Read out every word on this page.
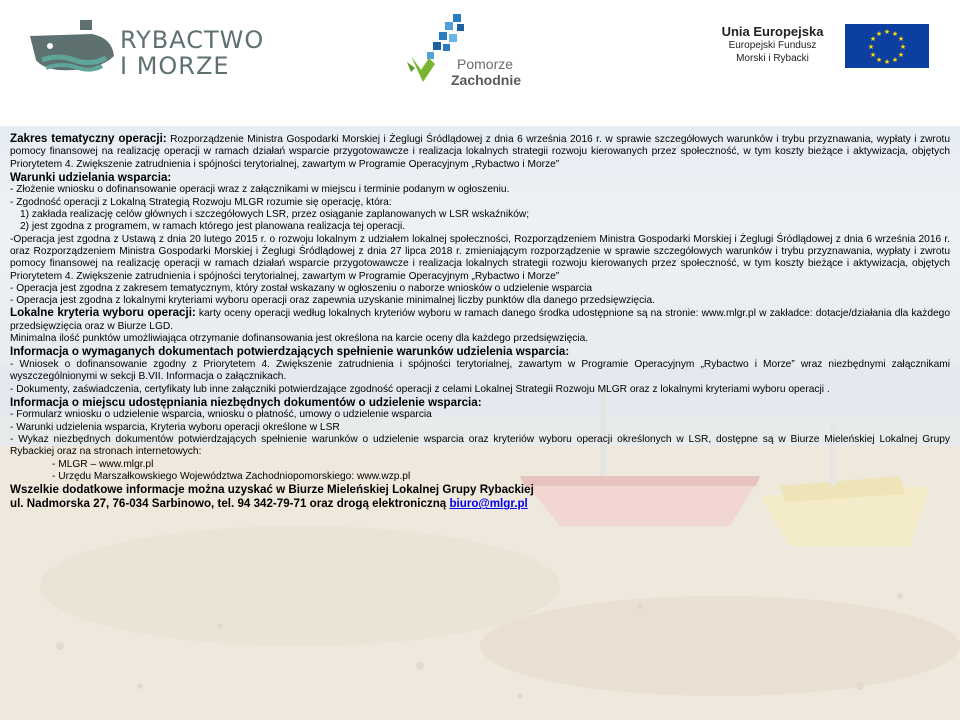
RYBACTWO
I MORZE	Pomorze
Zachodnie
Unia Europejska
Europejski Fundusz
Morski i Rybacki
★ ★
★
★
★
★
★
★
★
★
★
★

Zakres tematyczny operacji: Rozporządzenie Ministra Gospodarki Morskiej i Żeglugi Śródlądowej z dnia 6 września 2016 r. w sprawie szczegółowych warunków i trybu przyznawania, wypłaty i zwrotu pomocy finansowej na realizację operacji w ramach działań wsparcie przygotowawcze i realizacja lokalnych strategii rozwoju kierowanych przez społeczność, w tym koszty bieżące i aktywizacja, objętych Priorytetem 4. Zwiększenie zatrudnienia i spójności terytorialnej, zawartym w Programie Operacyjnym „Rybactwo i Morze”

Warunki udzielania wsparcia:

- Złożenie wniosku o dofinansowanie operacji wraz z załącznikami w miejscu i terminie podanym w ogłoszeniu.

- Zgodność operacji z Lokalną Strategią Rozwoju MLGR rozumie się operację, która:

1) zakłada realizację celów głównych i szczegółowych LSR, przez osiąganie zaplanowanych w LSR wskaźników;

2) jest zgodna z programem, w ramach którego jest planowana realizacja tej operacji.

-Operacja jest zgodna z Ustawą z dnia 20 lutego 2015 r. o rozwoju lokalnym z udziałem lokalnej społeczności, Rozporządzeniem Ministra Gospodarki Morskiej i Żeglugi Śródlądowej z dnia 6 września 2016 r. oraz Rozporządzeniem Ministra Gospodarki Morskiej i Żeglugi Śródlądowej z dnia 27 lipca 2018 r. zmieniającym rozporządzenie w sprawie szczegółowych warunków i trybu przyznawania, wypłaty i zwrotu pomocy finansowej na realizację operacji w ramach działań wsparcie przygotowawcze i realizacja lokalnych strategii rozwoju kierowanych przez społeczność, w tym koszty bieżące i aktywizacja, objętych Priorytetem 4. Zwiększenie zatrudnienia i spójności terytorialnej, zawartym w Programie Operacyjnym „Rybactwo i Morze”

- Operacja jest zgodna z zakresem tematycznym, który został wskazany w ogłoszeniu o naborze wniosków o udzielenie wsparcia

- Operacja jest zgodna z lokalnymi kryteriami wyboru operacji oraz zapewnia uzyskanie minimalnej liczby punktów dla danego przedsięwzięcia.

Lokalne kryteria wyboru operacji: karty oceny operacji według lokalnych kryteriów wyboru w ramach danego środka udostępnione są na stronie: www.mlgr.pl w zakładce: dotacje/działania dla każdego przedsięwzięcia oraz w Biurze LGD.

Minimalna ilość punktów umożliwiająca otrzymanie dofinansowania jest określona na karcie oceny dla każdego przedsięwzięcia.

Informacja o wymaganych dokumentach potwierdzających spełnienie warunków udzielenia wsparcia:

- Wniosek o dofinansowanie zgodny z Priorytetem 4. Zwiększenie zatrudnienia i spójności terytorialnej, zawartym w Programie Operacyjnym „Rybactwo i Morze” wraz niezbędnymi załącznikami wyszczególnionymi w sekcji B.VII. Informacja o załącznikach.

- Dokumenty, zaświadczenia, certyfikaty lub inne załączniki potwierdzające zgodność operacji z celami Lokalnej Strategii Rozwoju MLGR oraz z lokalnymi kryteriami wyboru operacji .

Informacja o miejscu udostępniania niezbędnych dokumentów o udzielenie wsparcia:

- Formularz wniosku o udzielenie wsparcia, wniosku o płatność, umowy o udzielenie wsparcia

- Warunki udzielenia wsparcia, Kryteria wyboru operacji określone w LSR

- Wykaz niezbędnych dokumentów potwierdzających spełnienie warunków o udzielenie wsparcia oraz kryteriów wyboru operacji określonych w LSR, dostępne są w Biurze Mieleńskiej Lokalnej Grupy Rybackiej oraz na stronach internetowych:

- MLGR – www.mlgr.pl

- Urzędu Marszałkowskiego Województwa Zachodniopomorskiego: www.wzp.pl

Wszelkie dodatkowe informacje można uzyskać w Biurze Mieleńskiej Lokalnej Grupy Rybackiej

ul. Nadmorska 27, 76-034 Sarbinowo, tel. 94 342-79-71 oraz drogą elektroniczną biuro@mlgr.pl
